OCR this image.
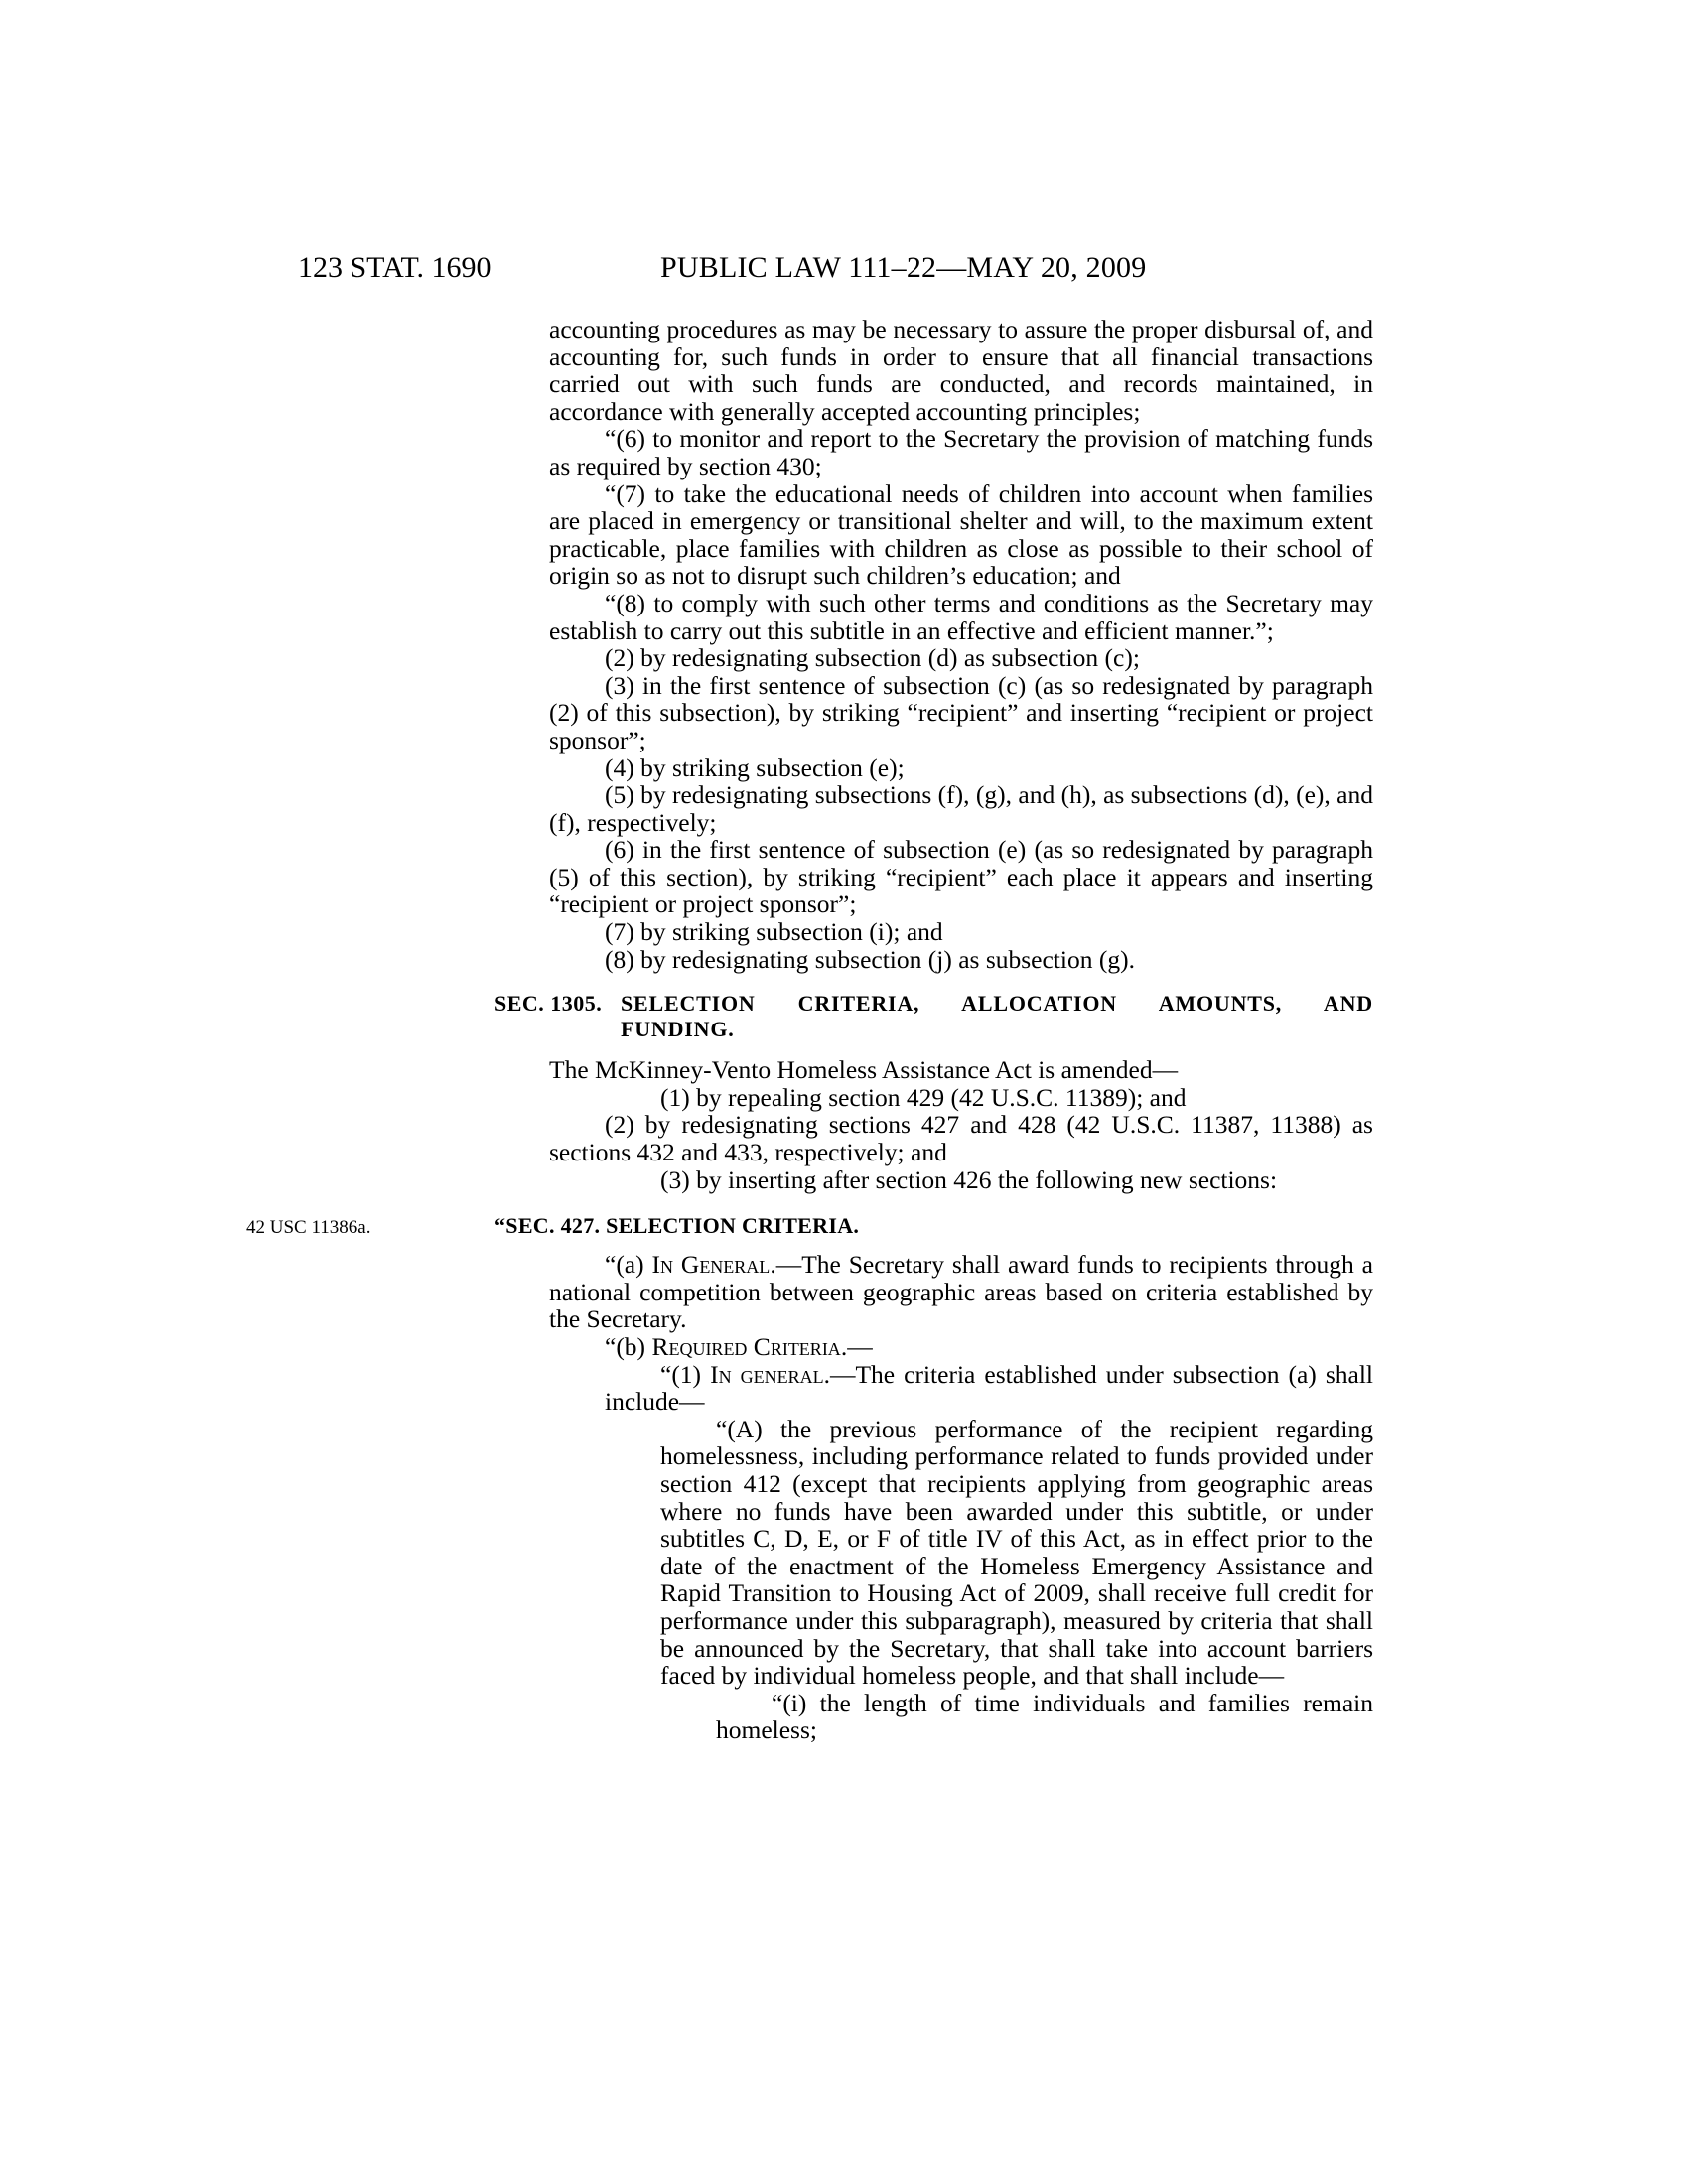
123 STAT. 1690	PUBLIC LAW 111–22—MAY 20, 2009

accounting procedures as may be necessary to assure the proper disbursal of, and accounting for, such funds in order to ensure that all financial transactions carried out with such funds are conducted, and records maintained, in accordance with generally accepted accounting principles;

“(6) to monitor and report to the Secretary the provision of matching funds as required by section 430;

“(7) to take the educational needs of children into account when families are placed in emergency or transitional shelter and will, to the maximum extent practicable, place families with children as close as possible to their school of origin so as not to disrupt such children’s education; and

“(8) to comply with such other terms and conditions as the Secretary may establish to carry out this subtitle in an effective and efficient manner.”;

(2) by redesignating subsection (d) as subsection (c);

(3) in the first sentence of subsection (c) (as so redesignated by paragraph (2) of this subsection), by striking “recipient” and inserting “recipient or project sponsor”;

(4) by striking subsection (e);

(5) by redesignating subsections (f), (g), and (h), as subsections (d), (e), and (f), respectively;

(6) in the first sentence of subsection (e) (as so redesignated by paragraph (5) of this section), by striking “recipient” each place it appears and inserting “recipient or project sponsor”;

(7) by striking subsection (i); and

(8) by redesignating subsection (j) as subsection (g).

SEC. 1305. SELECTION CRITERIA, ALLOCATION AMOUNTS, AND
FUNDING.

The McKinney-Vento Homeless Assistance Act is amended—

(1) by repealing section 429 (42 U.S.C. 11389); and

(2) by redesignating sections 427 and 428 (42 U.S.C. 11387, 11388) as sections 432 and 433, respectively; and

(3) by inserting after section 426 the following new sections:

42 USC 11386a.	“SEC. 427. SELECTION CRITERIA.

“(a) In General.—The Secretary shall award funds to recipients through a national competition between geographic areas based on criteria established by the Secretary.

“(b) Required Criteria.—

“(1) In general.—The criteria established under subsection (a) shall include—

“(A) the previous performance of the recipient regarding homelessness, including performance related to funds provided under section 412 (except that recipients applying from geographic areas where no funds have been awarded under this subtitle, or under subtitles C, D, E, or F of title IV of this Act, as in effect prior to the date of the enactment of the Homeless Emergency Assistance and Rapid Transition to Housing Act of 2009, shall receive full credit for performance under this subparagraph), measured by criteria that shall be announced by the Secretary, that shall take into account barriers faced by individual homeless people, and that shall include—

“(i) the length of time individuals and families remain homeless;
